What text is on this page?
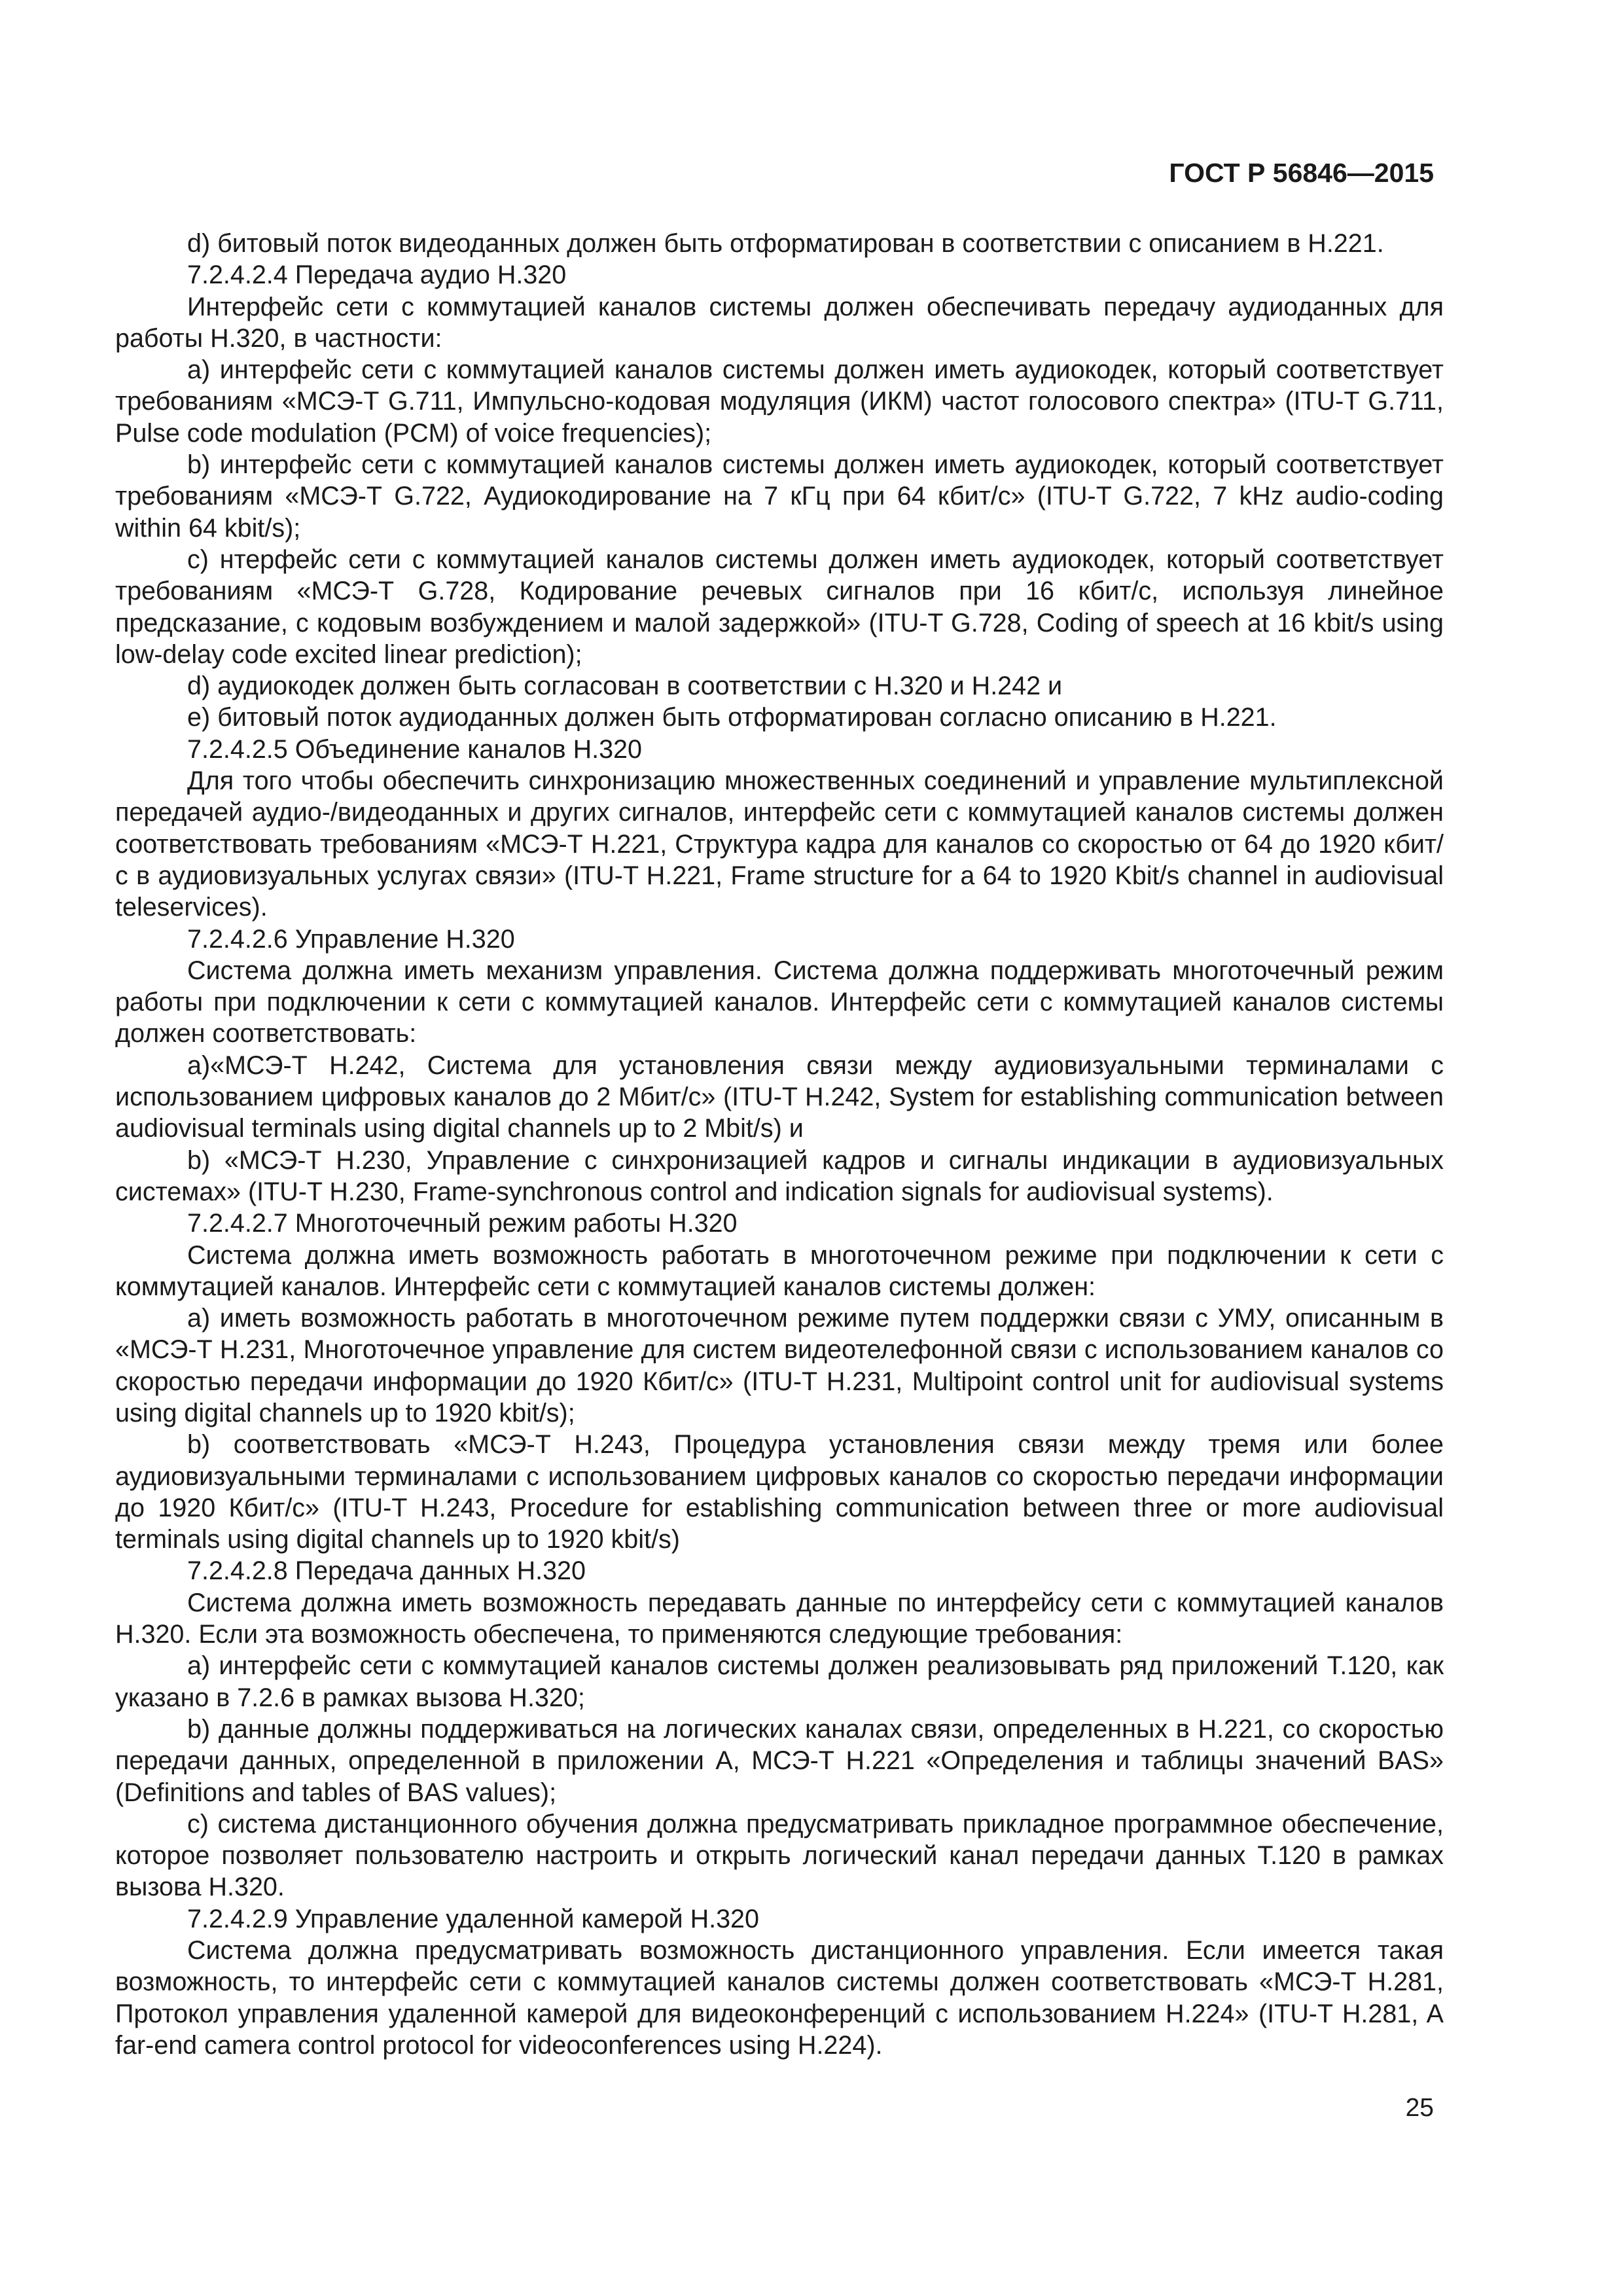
ГОСТ Р 56846—2015

d) битовый поток видеоданных должен быть отформатирован в соответствии с описанием в H.221.

7.2.4.2.4 Передача аудио H.320

Интерфейс сети с коммутацией каналов системы должен обеспечивать передачу аудиоданных для работы H.320, в частности:

a) интерфейс сети с коммутацией каналов системы должен иметь аудиокодек, который соответствует требованиям «МСЭ-Т G.711, Импульсно-кодовая модуляция (ИКМ) частот голосового спектра» (ITU-T G.711, Pulse code modulation (PCM) of voice frequencies);

b) интерфейс сети с коммутацией каналов системы должен иметь аудиокодек, который соответствует требованиям «МСЭ-Т G.722, Аудиокодирование на 7 кГц при 64 кбит/с» (ITU-T G.722, 7 kHz audio-coding within 64 kbit/s);

c) нтерфейс сети с коммутацией каналов системы должен иметь аудиокодек, который соответствует требованиям «МСЭ-Т G.728, Кодирование речевых сигналов при 16 кбит/с, используя линейное предсказание, с кодовым возбуждением и малой задержкой» (ITU-T G.728, Coding of speech at 16 kbit/s using low-delay code excited linear prediction);

d) аудиокодек должен быть согласован в соответствии с H.320 и H.242 и

e) битовый поток аудиоданных должен быть отформатирован согласно описанию в H.221.

7.2.4.2.5 Объединение каналов H.320

Для того чтобы обеспечить синхронизацию множественных соединений и управление мультиплексной передачей аудио-/видеоданных и других сигналов, интерфейс сети с коммутацией каналов системы должен соответствовать требованиям «МСЭ-Т H.221, Структура кадра для каналов со скоростью от 64 до 1920 кбит/с в аудиовизуальных услугах связи» (ITU-T H.221, Frame structure for a 64 to 1920 Kbit/s channel in audiovisual teleservices).

7.2.4.2.6 Управление H.320

Система должна иметь механизм управления. Система должна поддерживать многоточечный режим работы при подключении к сети с коммутацией каналов. Интерфейс сети с коммутацией каналов системы должен соответствовать:

a)«МСЭ-Т H.242, Система для установления связи между аудиовизуальными терминалами с использованием цифровых каналов до 2 Мбит/с» (ITU-T H.242, System for establishing communication between audiovisual terminals using digital channels up to 2 Mbit/s) и

b) «МСЭ-Т H.230, Управление с синхронизацией кадров и сигналы индикации в аудиовизуальных системах» (ITU-T H.230, Frame-synchronous control and indication signals for audiovisual systems).

7.2.4.2.7 Многоточечный режим работы H.320

Система должна иметь возможность работать в многоточечном режиме при подключении к сети с коммутацией каналов. Интерфейс сети с коммутацией каналов системы должен:

a) иметь возможность работать в многоточечном режиме путем поддержки связи с УМУ, описанным в «МСЭ-Т H.231, Многоточечное управление для систем видеотелефонной связи с использованием каналов со скоростью передачи информации до 1920 Кбит/с» (ITU-T H.231, Multipoint control unit for audiovisual systems using digital channels up to 1920 kbit/s);

b) соответствовать «МСЭ-Т H.243, Процедура установления связи между тремя или более аудиовизуальными терминалами с использованием цифровых каналов со скоростью передачи информации до 1920 Кбит/с» (ITU-T H.243, Procedure for establishing communication between three or more audiovisual terminals using digital channels up to 1920 kbit/s)

7.2.4.2.8 Передача данных H.320

Система должна иметь возможность передавать данные по интерфейсу сети с коммутацией каналов H.320. Если эта возможность обеспечена, то применяются следующие требования:

a) интерфейс сети с коммутацией каналов системы должен реализовывать ряд приложений T.120, как указано в 7.2.6 в рамках вызова H.320;

b) данные должны поддерживаться на логических каналах связи, определенных в H.221, со скоростью передачи данных, определенной в приложении А, МСЭ-Т H.221 «Определения и таблицы значений BAS» (Definitions and tables of BAS values);

c) система дистанционного обучения должна предусматривать прикладное программное обеспечение, которое позволяет пользователю настроить и открыть логический канал передачи данных T.120 в рамках вызова H.320.

7.2.4.2.9 Управление удаленной камерой H.320

Система должна предусматривать возможность дистанционного управления. Если имеется такая возможность, то интерфейс сети с коммутацией каналов системы должен соответствовать «МСЭ-Т H.281, Протокол управления удаленной камерой для видеоконференций с использованием H.224» (ITU-T H.281, A far-end camera control protocol for videoconferences using H.224).

25
